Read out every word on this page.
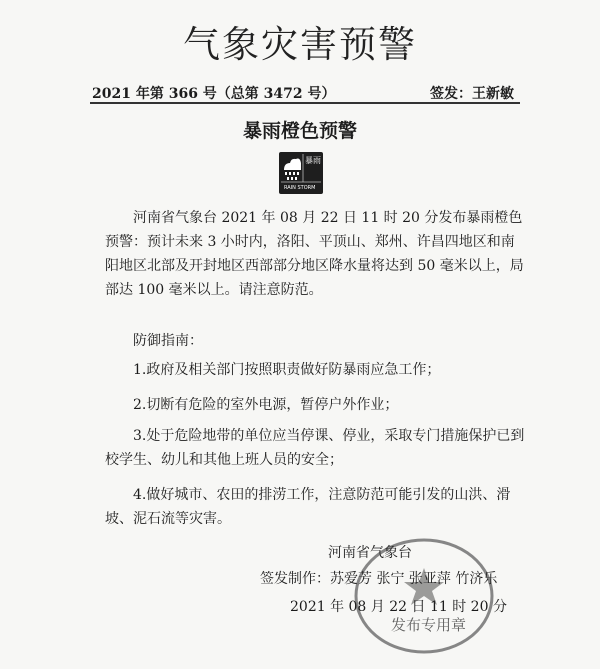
气象灾害预警
2021 年第 366 号（总第 3472 号）	签发：王新敏
暴雨橙色预警
暴雨
RAIN STORM
河南省气象台 2021 年 08 月 22 日 11 时 20 分发布暴雨橙色预警：预计未来 3 小时内，洛阳、平顶山、郑州、许昌四地区和南阳地区北部及开封地区西部部分地区降水量将达到 50 毫米以上，局部达 100 毫米以上。请注意防范。
防御指南：
1.政府及相关部门按照职责做好防暴雨应急工作；
2.切断有危险的室外电源，暂停户外作业；
3.处于危险地带的单位应当停课、停业，采取专门措施保护已到校学生、幼儿和其他上班人员的安全；
4.做好城市、农田的排涝工作，注意防范可能引发的山洪、滑坡、泥石流等灾害。
河南省气象台
签发制作：苏爱芳 张宁 张亚萍 竹济乐
2021 年 08 月 22 日 11 时 20 分
发布专用章
